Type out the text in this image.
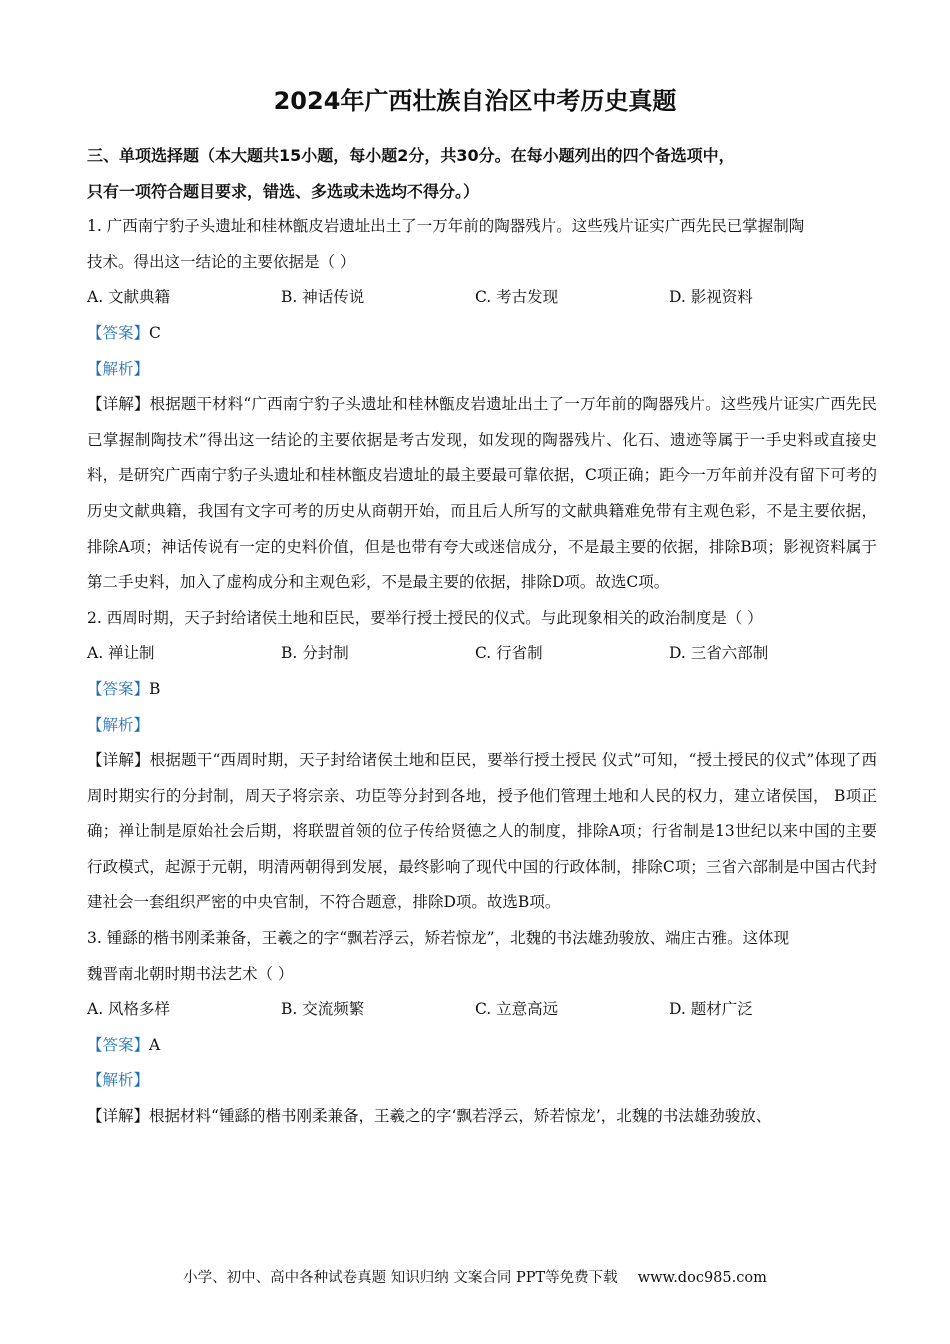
2024年广西壮族自治区中考历史真题
三、单项选择题（本大题共15小题，每小题2分，共30分。在每小题列出的四个备选项中，
只有一项符合题目要求，错选、多选或未选均不得分。）
1. 广西南宁豹子头遗址和桂林甑皮岩遗址出土了一万年前的陶器残片。这些残片证实广西先民已掌握制陶
技术。得出这一结论的主要依据是（ ）
A. 文献典籍	B. 神话传说	C. 考古发现	D. 影视资料
【答案】C
【解析】
【详解】根据题干材料“广西南宁豹子头遗址和桂林甑皮岩遗址出土了一万年前的陶器残片。这些残片证实广西先民已掌握制陶技术”得出这一结论的主要依据是考古发现，如发现的陶器残片、化石、遗迹等属于一手史料或直接史料，是研究广西南宁豹子头遗址和桂林甑皮岩遗址的最主要最可靠依据，C项正确；距今一万年前并没有留下可考的历史文献典籍，我国有文字可考的历史从商朝开始，而且后人所写的文献典籍难免带有主观色彩，不是主要依据，排除A项；神话传说有一定的史料价值，但是也带有夸大或迷信成分，不是最主要的依据，排除B项；影视资料属于第二手史料，加入了虚构成分和主观色彩，不是最主要的依据，排除D项。故选C项。
2. 西周时期，天子封给诸侯土地和臣民，要举行授土授民的仪式。与此现象相关的政治制度是（ ）
A. 禅让制	B. 分封制	C. 行省制	D. 三省六部制
【答案】B
【解析】
【详解】根据题干“西周时期，天子封给诸侯土地和臣民，要举行授土授民 仪式”可知，“授土授民的仪式”体现了西周时期实行的分封制，周天子将宗亲、功臣等分封到各地，授予他们管理土地和人民的权力，建立诸侯国， B项正确；禅让制是原始社会后期，将联盟首领的位子传给贤德之人的制度，排除A项；行省制是13世纪以来中国的主要行政模式，起源于元朝，明清两朝得到发展，最终影响了现代中国的行政体制，排除C项；三省六部制是中国古代封建社会一套组织严密的中央官制，不符合题意，排除D项。故选B项。
3. 锺繇的楷书刚柔兼备，王羲之的字“飘若浮云，矫若惊龙”，北魏的书法雄劲骏放、端庄古雅。这体现
魏晋南北朝时期书法艺术（ ）
A. 风格多样	B. 交流频繁	C. 立意高远	D. 题材广泛
【答案】A
【解析】
【详解】根据材料“锺繇的楷书刚柔兼备，王羲之的字‘飘若浮云，矫若惊龙’，北魏的书法雄劲骏放、
小学、初中、高中各种试卷真题 知识归纳 文案合同 PPT等免费下载 www.doc985.com
